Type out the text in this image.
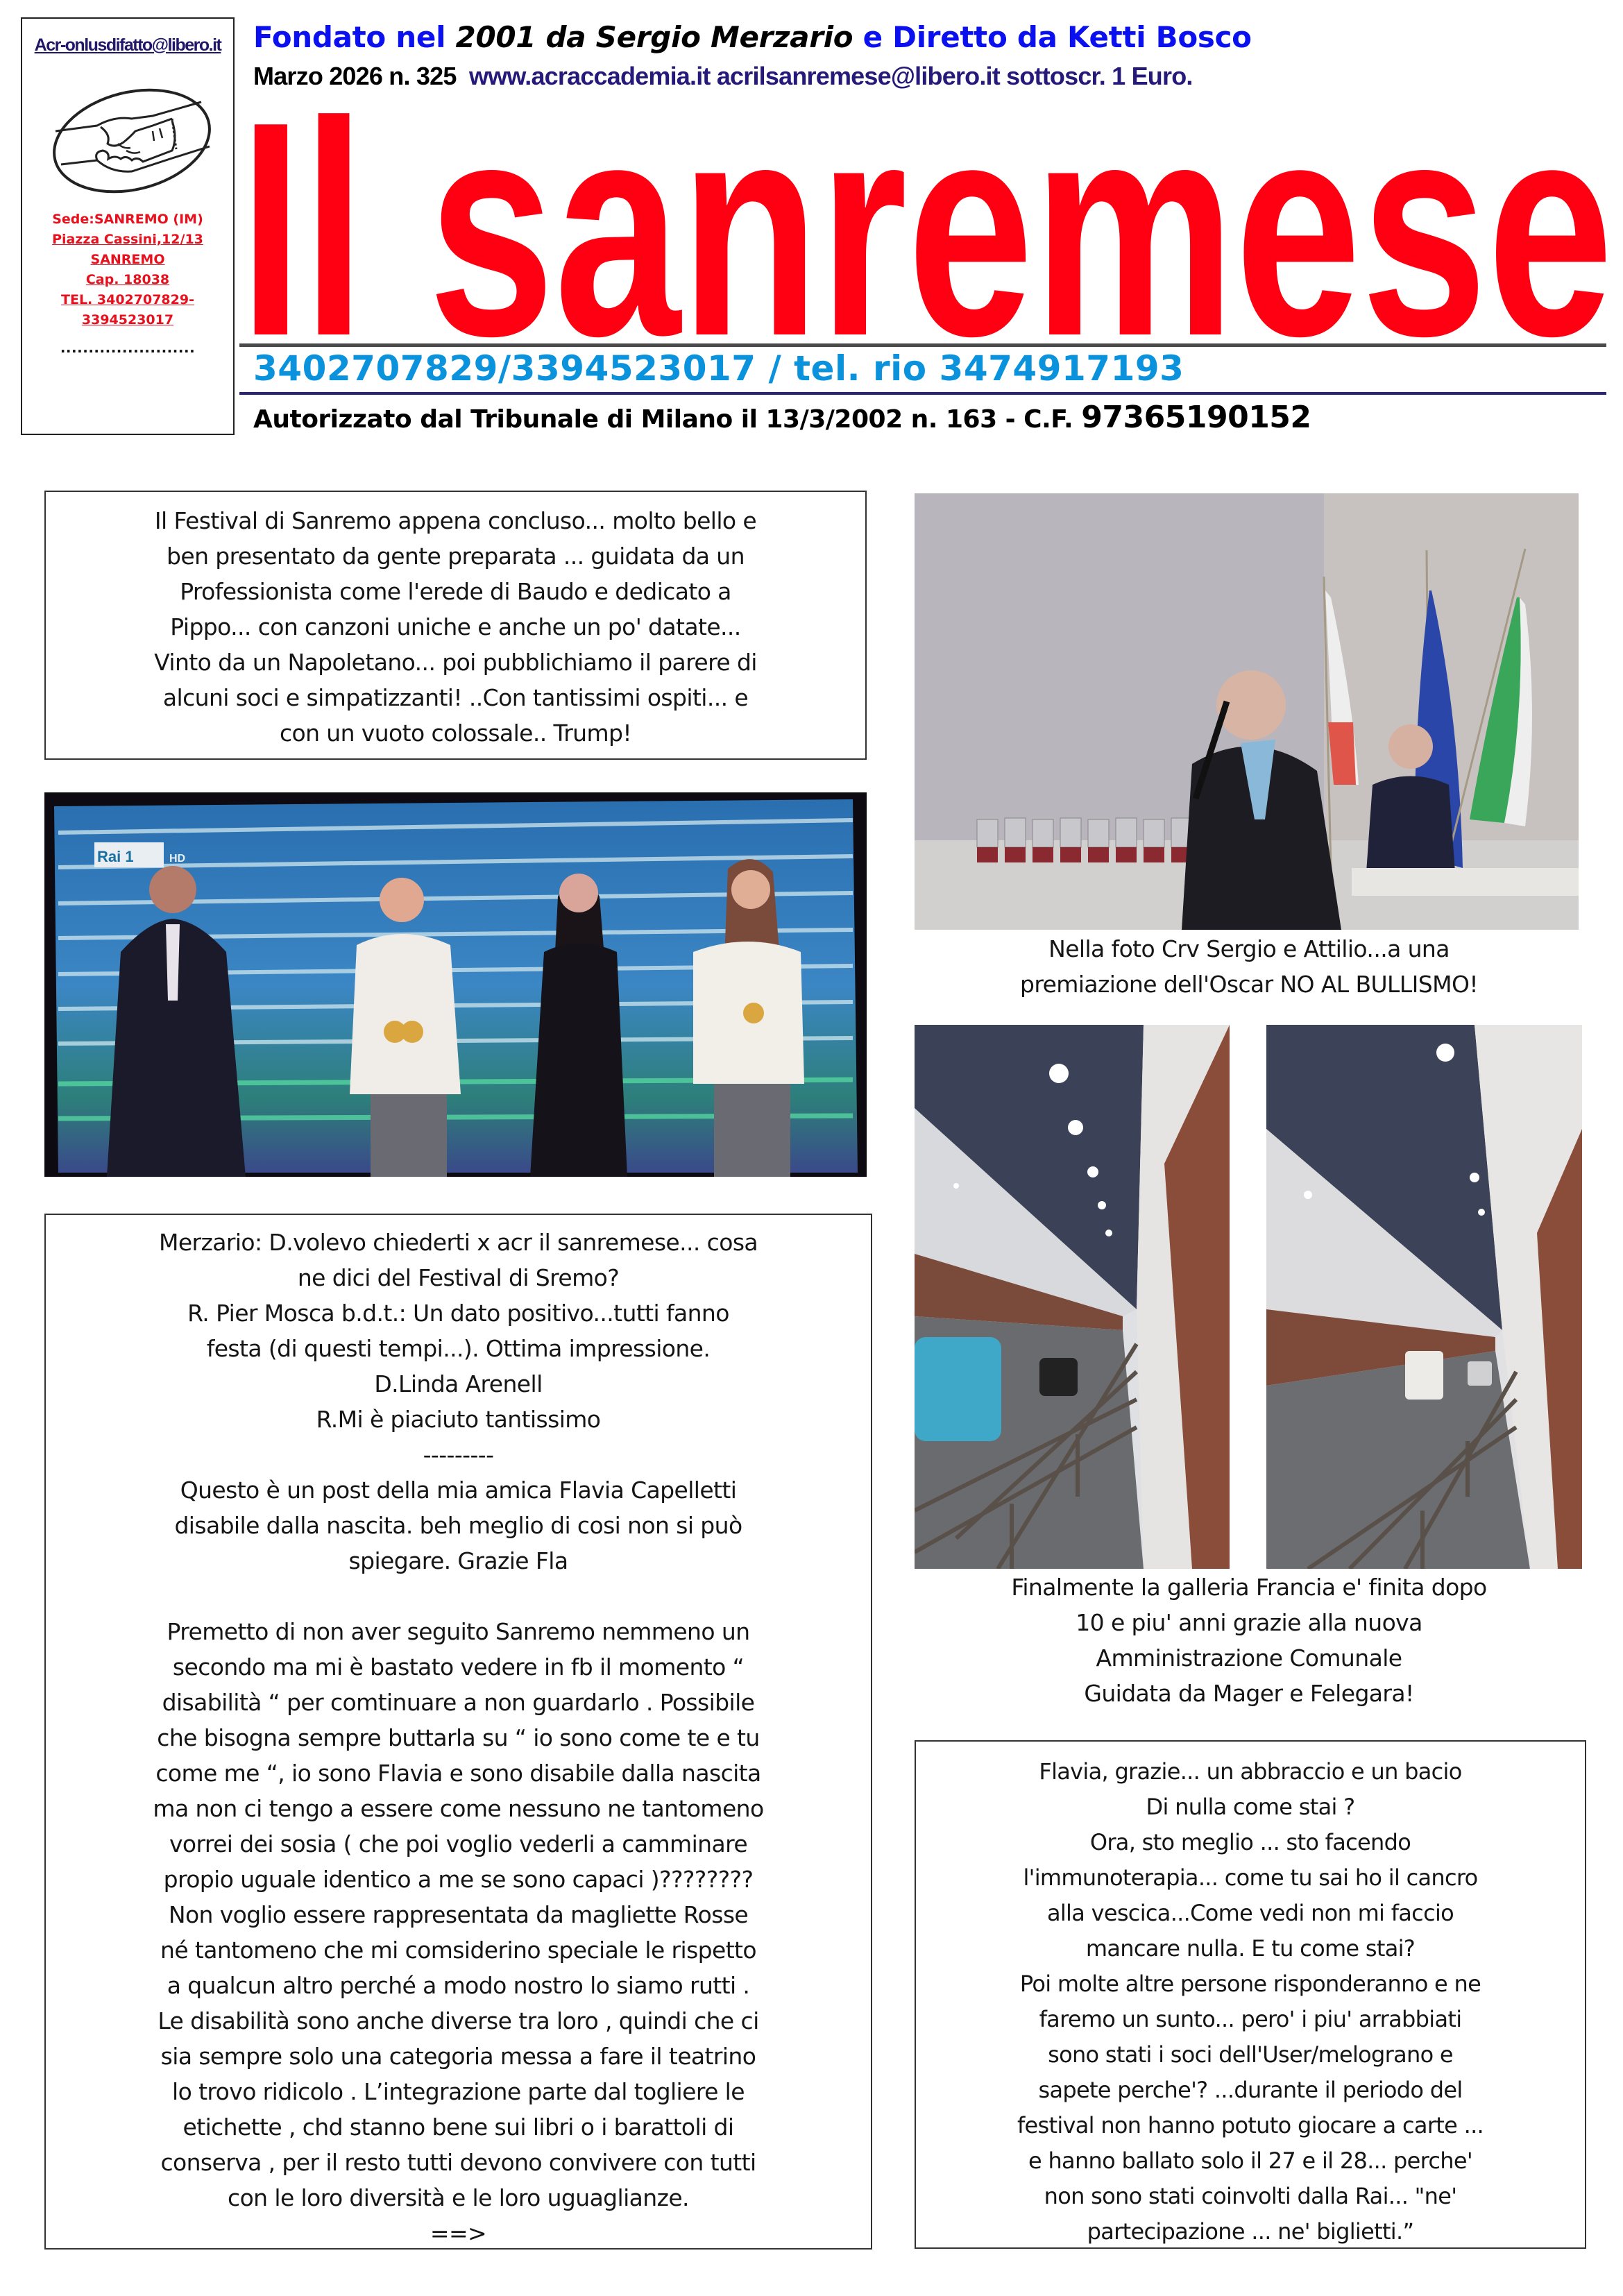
Acr-onlusdifatto@libero.it
Sede:SANREMO (IM)
Piazza Cassini,12/13
SANREMO
Cap. 18038
TEL. 3402707829-
3394523017
........................
Fondato nel 2001 da Sergio Merzario e Diretto da Ketti Bosco
Marzo 2026 n. 325 www.acraccademia.it acrilsanremese@libero.it sottoscr. 1 Euro.
Il sanremese
3402707829/3394523017 / tel. rio 3474917193
Autorizzato dal Tribunale di Milano il 13/3/2002 n. 163 - C.F. 97365190152

Il Festival di Sanremo appena concluso... molto bello e

ben presentato da gente preparata ... guidata da un

Professionista come l'erede di Baudo e dedicato a

Pippo... con canzoni uniche e anche un po' datate...

Vinto da un Napoletano... poi pubblichiamo il parere di

alcuni soci e simpatizzanti! ..Con tantissimi ospiti... e

con un vuoto colossale.. Trump!

Rai 1	HD
Nella foto Crv Sergio e Attilio...a una
premiazione dell'Oscar NO AL BULLISMO!
Finalmente la galleria Francia e' finita dopo
10 e piu' anni grazie alla nuova
Amministrazione Comunale
Guidata da Mager e Felegara!

Merzario: D.volevo chiederti x acr il sanremese... cosa

ne dici del Festival di Sremo?

R. Pier Mosca b.d.t.: Un dato positivo...tutti fanno

festa (di questi tempi...). Ottima impressione.

D.Linda Arenell

R.Mi è piaciuto tantissimo

---------

Questo è un post della mia amica Flavia Capelletti

disabile dalla nascita. beh meglio di cosi non si può

spiegare. Grazie Fla

Premetto di non aver seguito Sanremo nemmeno un

secondo ma mi è bastato vedere in fb il momento “

disabilità “ per comtinuare a non guardarlo . Possibile

che bisogna sempre buttarla su “ io sono come te e tu

come me “, io sono Flavia e sono disabile dalla nascita

ma non ci tengo a essere come nessuno ne tantomeno

vorrei dei sosia ( che poi voglio vederli a camminare

propio uguale identico a me se sono capaci )????????

Non voglio essere rappresentata da magliette Rosse

né tantomeno che mi comsiderino speciale le rispetto

a qualcun altro perché a modo nostro lo siamo rutti .

Le disabilità sono anche diverse tra loro , quindi che ci

sia sempre solo una categoria messa a fare il teatrino

lo trovo ridicolo . L’integrazione parte dal togliere le

etichette , chd stanno bene sui libri o i barattoli di

conserva , per il resto tutti devono convivere con tutti

con le loro diversità e le loro uguaglianze.

==>

Flavia, grazie... un abbraccio e un bacio

Di nulla come stai ?

Ora, sto meglio ... sto facendo

l'immunoterapia... come tu sai ho il cancro

alla vescica...Come vedi non mi faccio

mancare nulla. E tu come stai?

Poi molte altre persone risponderanno e ne

faremo un sunto... pero' i piu' arrabbiati

sono stati i soci dell'User/melograno e

sapete perche'? ...durante il periodo del

festival non hanno potuto giocare a carte ...

e hanno ballato solo il 27 e il 28... perche'

non sono stati coinvolti dalla Rai... "ne'

partecipazione ... ne' biglietti.”
